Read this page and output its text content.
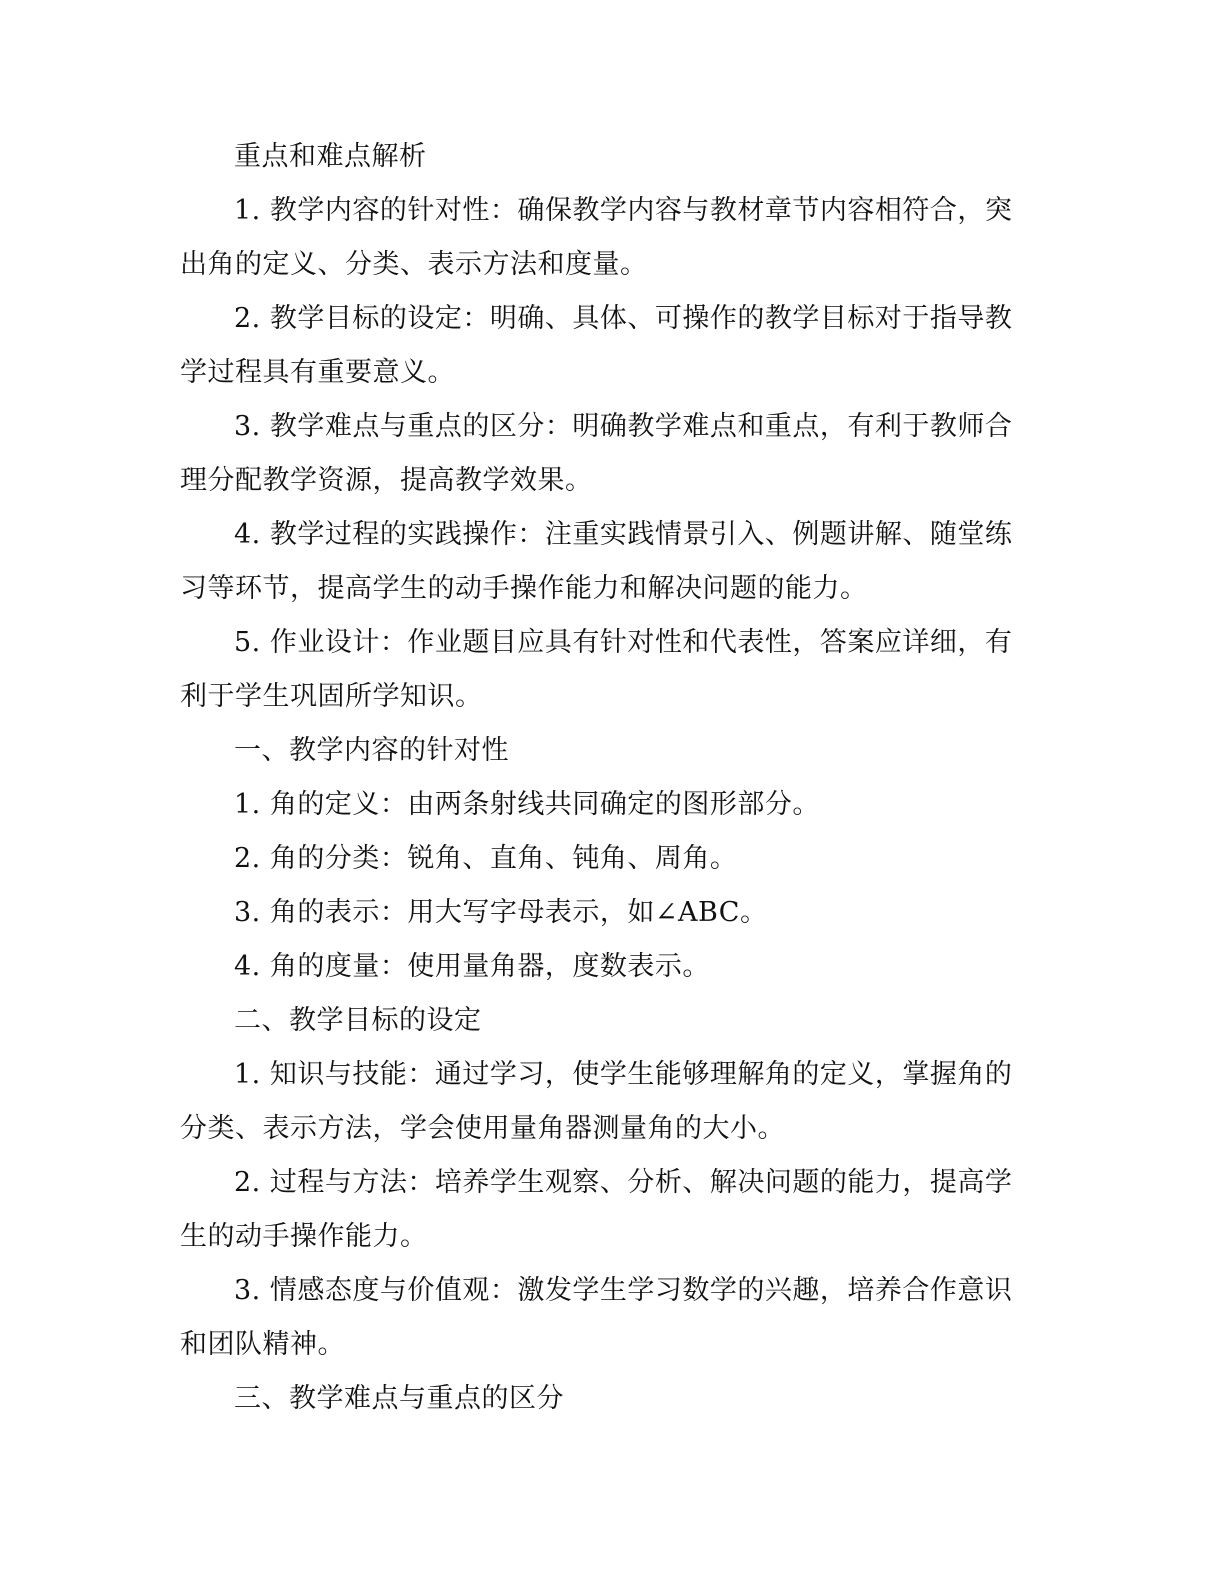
重点和难点解析

1. 教学内容的针对性：确保教学内容与教材章节内容相符合，突出角的定义、分类、表示方法和度量。

2. 教学目标的设定：明确、具体、可操作的教学目标对于指导教学过程具有重要意义。

3. 教学难点与重点的区分：明确教学难点和重点，有利于教师合理分配教学资源，提高教学效果。

4. 教学过程的实践操作：注重实践情景引入、例题讲解、随堂练习等环节，提高学生的动手操作能力和解决问题的能力。

5. 作业设计：作业题目应具有针对性和代表性，答案应详细，有利于学生巩固所学知识。

一、教学内容的针对性

1. 角的定义：由两条射线共同确定的图形部分。

2. 角的分类：锐角、直角、钝角、周角。

3. 角的表示：用大写字母表示，如∠ABC。

4. 角的度量：使用量角器，度数表示。

二、教学目标的设定

1. 知识与技能：通过学习，使学生能够理解角的定义，掌握角的分类、表示方法，学会使用量角器测量角的大小。

2. 过程与方法：培养学生观察、分析、解决问题的能力，提高学生的动手操作能力。

3. 情感态度与价值观：激发学生学习数学的兴趣，培养合作意识和团队精神。

三、教学难点与重点的区分
